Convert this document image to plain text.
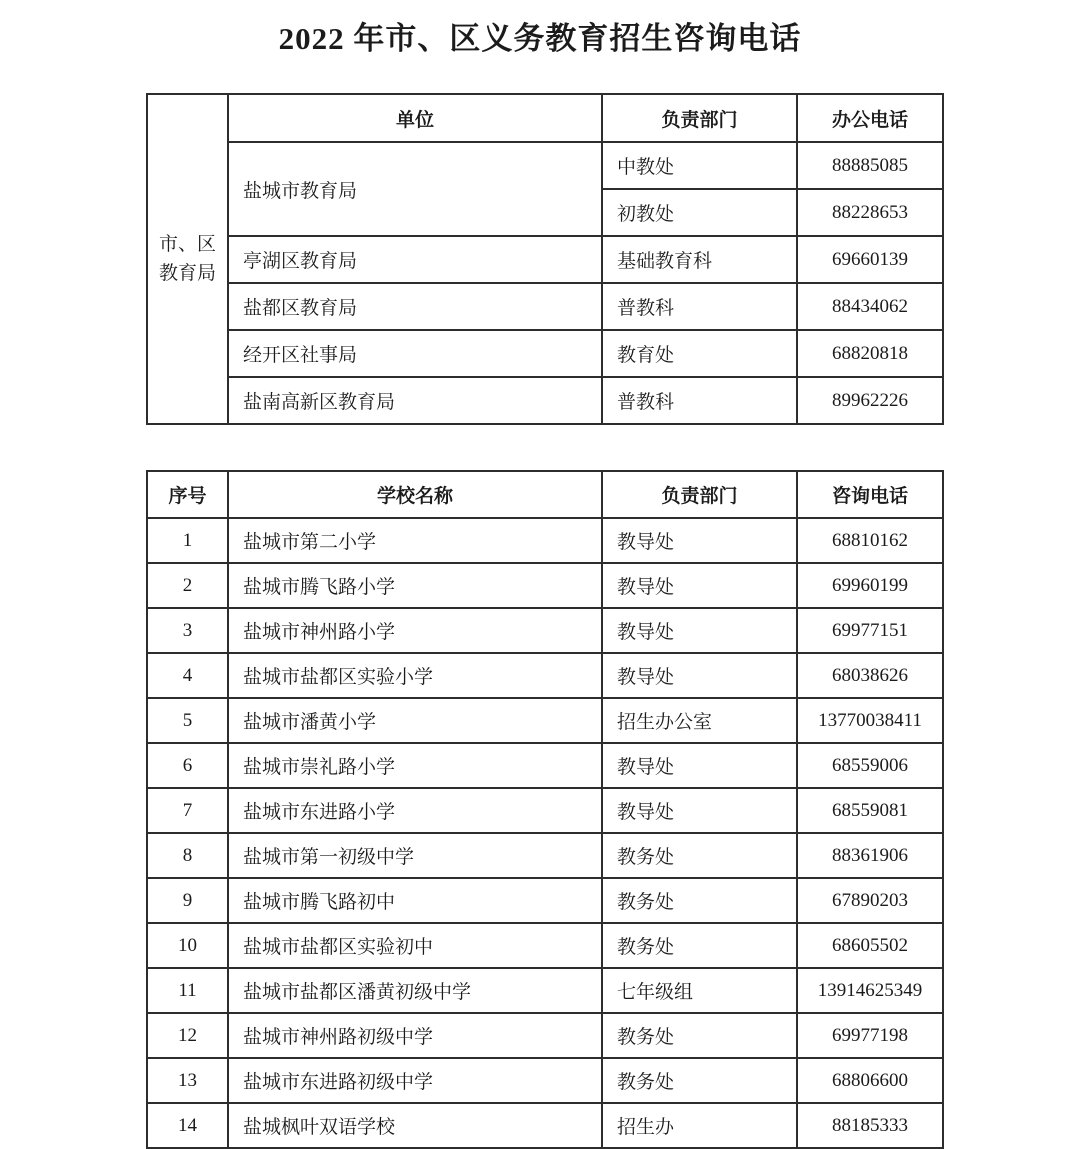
2022 年市、区义务教育招生咨询电话
市、区
教育局	单位	负责部门	办公电话
	盐城市教育局	中教处	88885085
		初教处	88228653
	亭湖区教育局	基础教育科	69660139
	盐都区教育局	普教科	88434062
	经开区社事局	教育处	68820818
	盐南高新区教育局	普教科	89962226
序号	学校名称	负责部门	咨询电话
1	盐城市第二小学	教导处	68810162
2	盐城市腾飞路小学	教导处	69960199
3	盐城市神州路小学	教导处	69977151
4	盐城市盐都区实验小学	教导处	68038626
5	盐城市潘黄小学	招生办公室	13770038411
6	盐城市崇礼路小学	教导处	68559006
7	盐城市东进路小学	教导处	68559081
8	盐城市第一初级中学	教务处	88361906
9	盐城市腾飞路初中	教务处	67890203
10	盐城市盐都区实验初中	教务处	68605502
11	盐城市盐都区潘黄初级中学	七年级组	13914625349
12	盐城市神州路初级中学	教务处	69977198
13	盐城市东进路初级中学	教务处	68806600
14	盐城枫叶双语学校	招生办	88185333
